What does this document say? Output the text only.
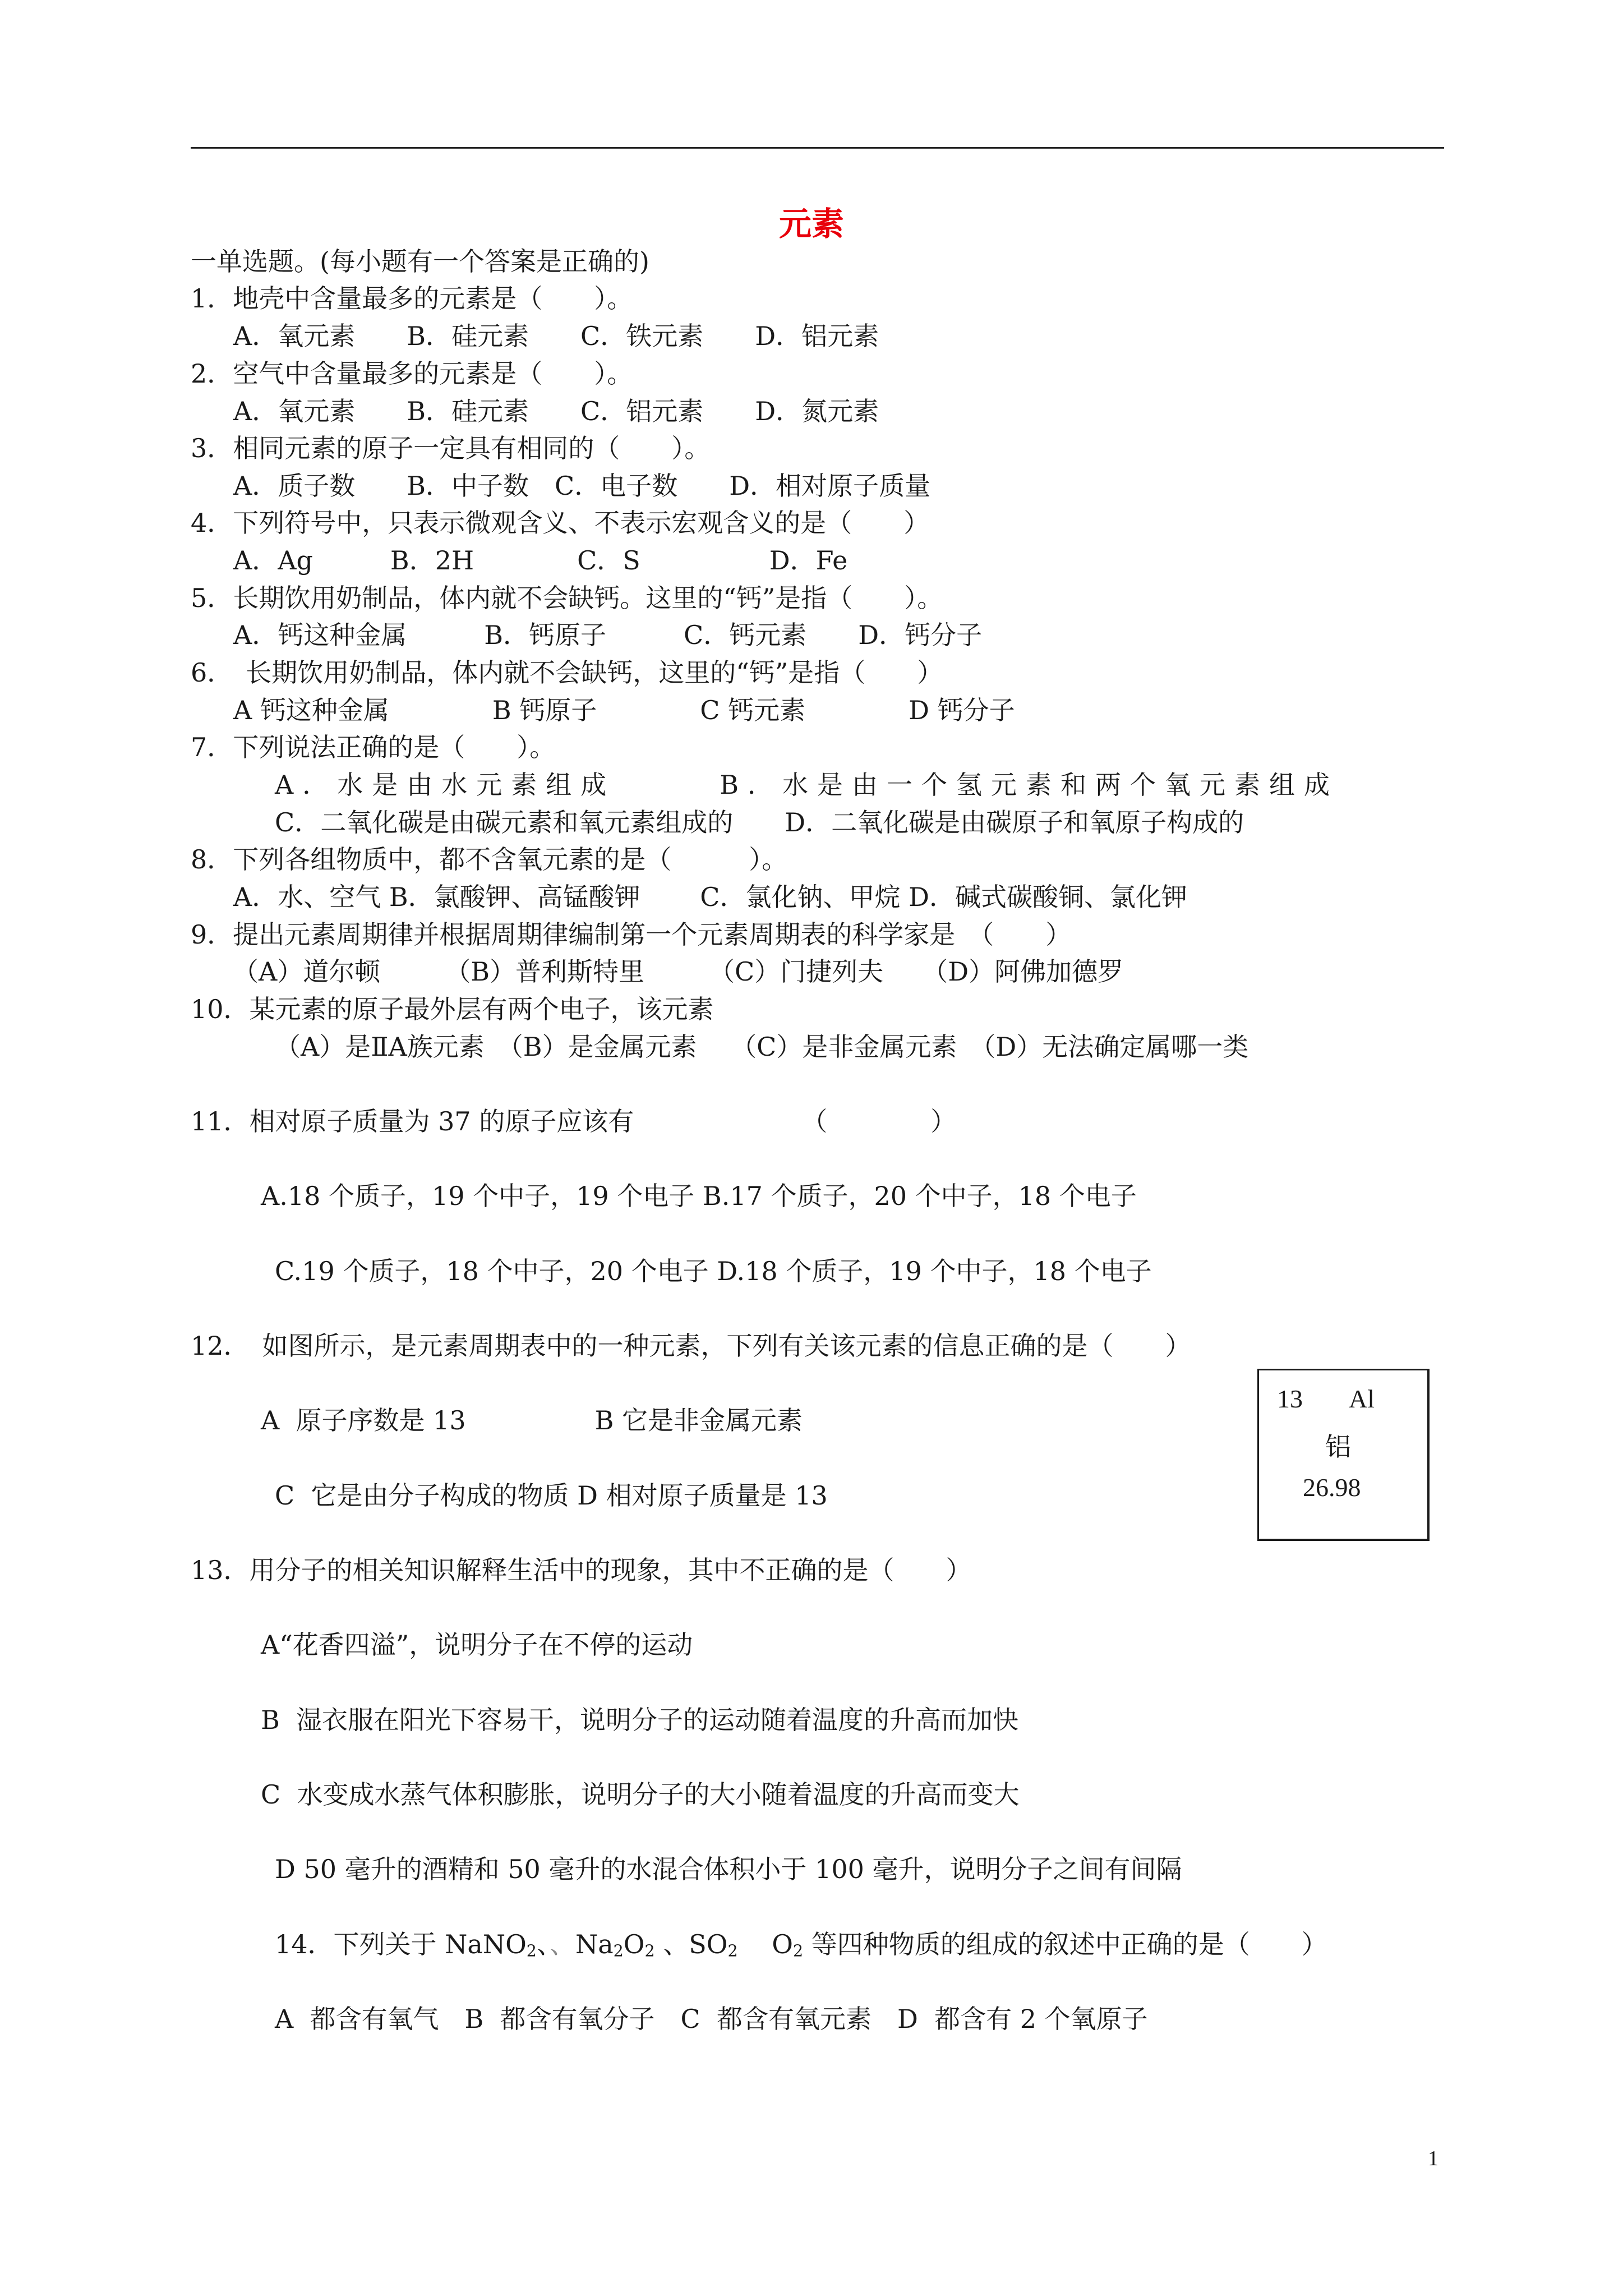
元素
一单选题。(每小题有一个答案是正确的)
1．地壳中含量最多的元素是（　　）。
　A．氧元素　　B．硅元素　　C．铁元素　　D．铝元素
2．空气中含量最多的元素是（　　）。
　A．氧元素　　B．硅元素　　C．铝元素　　D．氮元素
3．相同元素的原子一定具有相同的（　　）。
　A．质子数　　B．中子数　C．电子数　　D．相对原子质量
4．下列符号中，只表示微观含义、不表示宏观含义的是（　　）
　A．Ag　　　B．2H　　　　C．S　　　　　D．Fe
5．长期饮用奶制品，体内就不会缺钙。这里的“钙”是指（　　）。
　A．钙这种金属　　　B．钙原子　　　C．钙元素　　D．钙分子
6．　长期饮用奶制品，体内就不会缺钙，这里的“钙”是指（　　）
　A 钙这种金属　　　　B 钙原子　　　　C 钙元素　　　　D 钙分子
7．下列说法正确的是（　　）。
A．水是由水元素组成　　　B．水是由一个氢元素和两个氧元素组成
C．二氧化碳是由碳元素和氧元素组成的　　D．二氧化碳是由碳原子和氧原子构成的
8．下列各组物质中，都不含氧元素的是（　　　）。
　A．水、空气 B．氯酸钾、高锰酸钾　　 C．氯化钠、甲烷 D．碱式碳酸铜、氯化钾
9．提出元素周期律并根据周期律编制第一个元素周期表的科学家是　（　　）
（A）道尔顿　　　（B）普利斯特里　　　（C）门捷列夫　　（D）阿佛加德罗
10．某元素的原子最外层有两个电子，该元素
（A）是ⅡA族元素　（B）是金属元素　 （C）是非金属元素　（D）无法确定属哪一类
11．相对原子质量为 37 的原子应该有　　　　　　　（　　　　）
A.18 个质子，19 个中子，19 个电子 B.17 个质子，20 个中子，18 个电子
C.19 个质子，18 个中子，20 个电子 D.18 个质子，19 个中子，18 个电子
12．　如图所示，是元素周期表中的一种元素，下列有关该元素的信息正确的是（　　）
A  原子序数是 13　　　　　B 它是非金属元素
C  它是由分子构成的物质 D 相对原子质量是 13
13 Al
铝
26.98
13．用分子的相关知识解释生活中的现象，其中不正确的是（　　）
A“花香四溢”，说明分子在不停的运动
B  湿衣服在阳光下容易干，说明分子的运动随着温度的升高而加快
C  水变成水蒸气体积膨胀，说明分子的大小随着温度的升高而变大
D 50 毫升的酒精和 50 毫升的水混合体积小于 100 毫升，说明分子之间有间隔
14．下列关于 NaNO$_2$、、$Na_2O_2$ 、$SO_2$　 $O_2$ 等四种物质的组成的叙述中正确的是（　　）
A  都含有氧气　B  都含有氧分子　C  都含有氧元素　D  都含有 2 个氧原子
1
